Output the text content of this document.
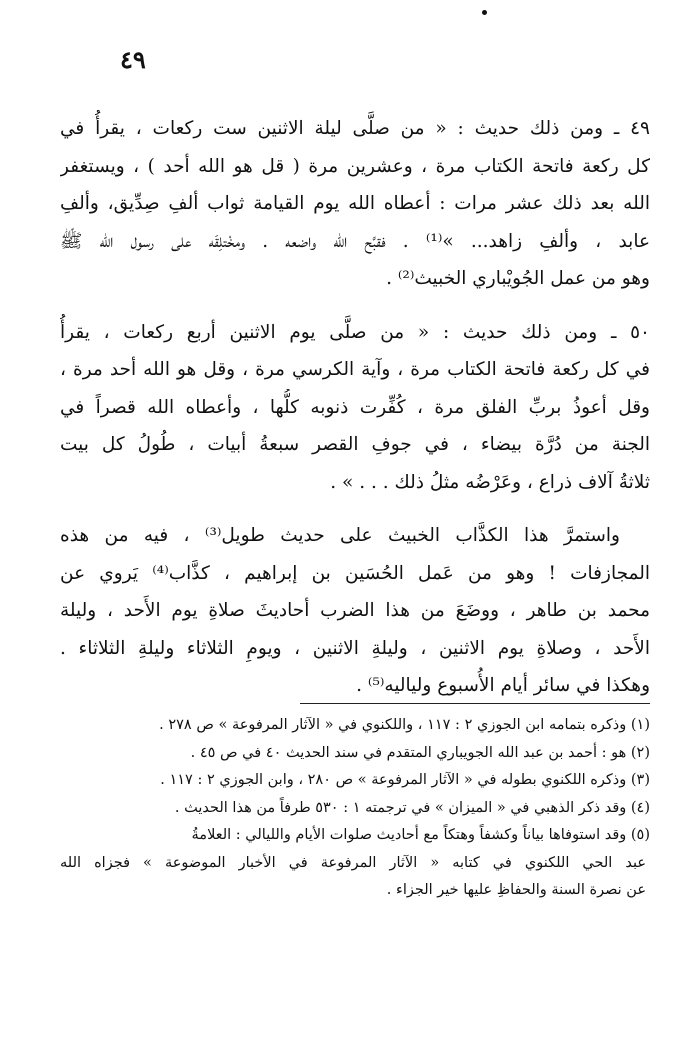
٤٩
٤٩ ـ ومن ذلك حديث : « من صلَّى ليلة الاثنين ست ركعات ، يقرأُ في
كل ركعة فاتحة الكتاب مرة ، وعشرين مرة ( قل هو الله أحد ) ، ويستغفر
الله بعد ذلك عشر مرات : أعطاه الله يوم القيامة ثواب ألفِ صِدِّيق، وألفِ
عابد ، وألفِ زاهد... »⁽¹⁾ . فقبَّح الله واضعه . ومخْتلِقَه على رسول الله ﷺ
وهو من عمل الجُويْباري الخبيث⁽²⁾ .
٥٠ ـ ومن ذلك حديث : « من صلَّى يوم الاثنين أربع ركعات ، يقرأُ
في كل ركعة فاتحة الكتاب مرة ، وآية الكرسي مرة ، وقل هو الله أحد مرة ،
وقل أعوذُ بربِّ الفلق مرة ، كُفِّرت ذنوبه كلُّها ، وأعطاه الله قصراً في
الجنة من دُرَّة بيضاء ، في جوفِ القصر سبعةُ أبيات ، طُولُ كل بيت
ثلاثةُ آلاف ذراع ، وعَرْضُه مثلُ ذلك . . . » .
واستمرَّ هذا الكذَّاب الخبيث على حديث طويل⁽³⁾ ، فيه من هذه
المجازفات ! وهو من عَمل الحُسَين بن إبراهيم ، كذَّاب⁽⁴⁾ يَروي عن
محمد بن طاهر ، ووضَعَ من هذا الضرب أحاديثَ صلاةِ يوم الأَحد ، وليلة
الأَحد ، وصلاةِ يوم الاثنين ، وليلةِ الاثنين ، ويومِ الثلاثاء وليلةِ الثلاثاء .
وهكذا في سائر أيام الأُسبوع ولياليه⁽⁵⁾ .
(١) وذكره بتمامه ابن الجوزي ٢ : ١١٧ ، واللكنوي في « الآثار المرفوعة » ص ٢٧٨ .
(٢) هو : أحمد بن عبد الله الجويباري المتقدم في سند الحديث ٤٠ في ص ٤٥ .
(٣) وذكره اللكنوي بطوله في « الآثار المرفوعة » ص ٢٨٠ ، وابن الجوزي ٢ : ١١٧ .
(٤) وقد ذكر الذهبي في « الميزان » في ترجمته ١ : ٥٣٠ طرفاً من هذا الحديث .
(٥) وقد استوفاها بياناً وكشفاً وهتكاً مع أحاديث صلوات الأيام والليالي : العلامةُ
عبد الحي اللكنوي في كتابه « الآثار المرفوعة في الأخبار الموضوعة » فجزاه الله
عن نصرة السنة والحفاظِ عليها خير الجزاء .
